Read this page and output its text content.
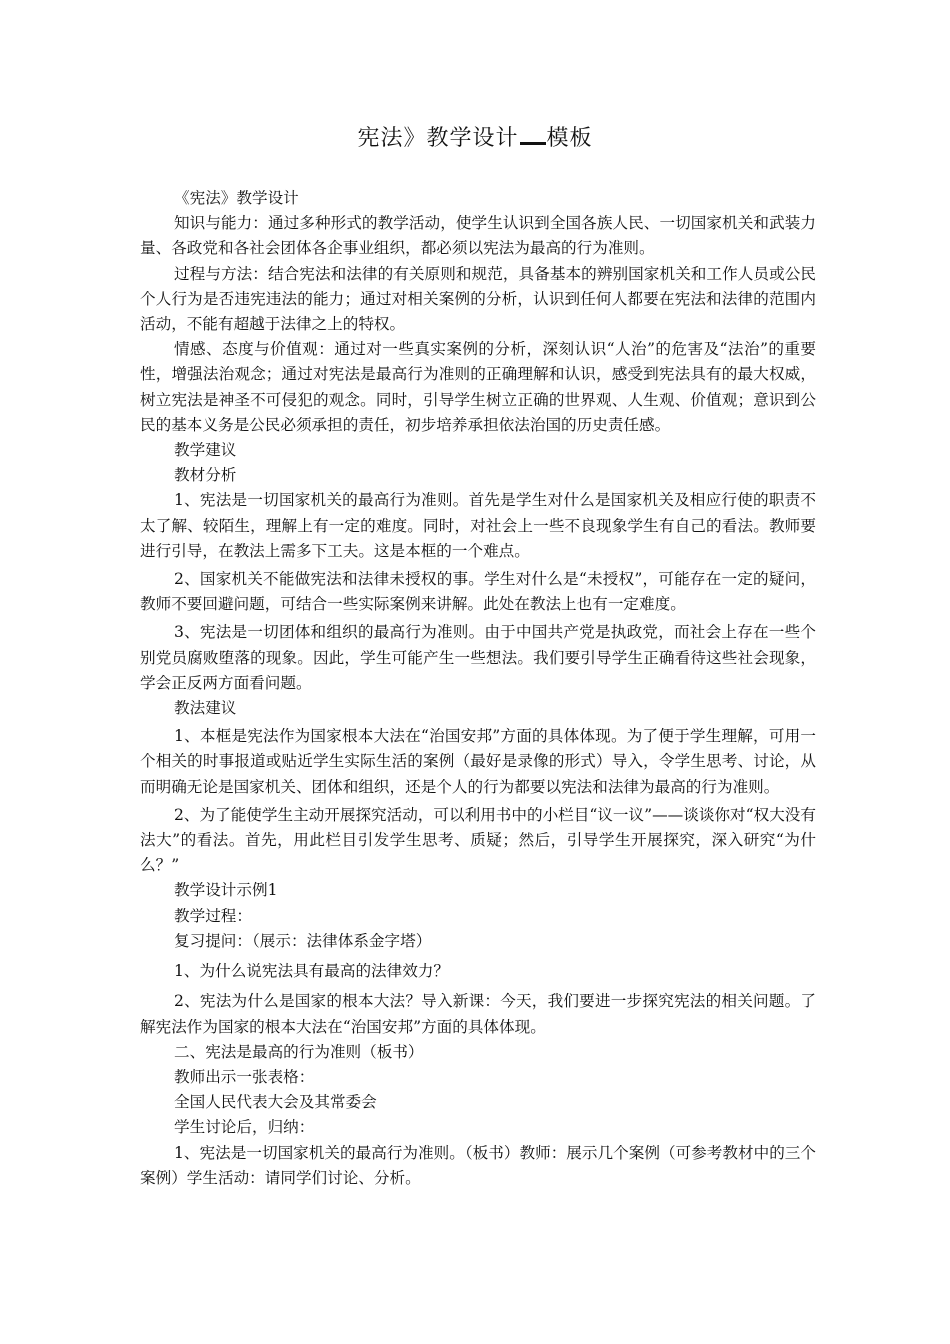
宪法》教学设计 模板

《宪法》教学设计

知识与能力：通过多种形式的教学活动，使学生认识到全国各族人民、一切国家机关和武装力量、各政党和各社会团体各企事业组织，都必须以宪法为最高的行为准则。

过程与方法：结合宪法和法律的有关原则和规范，具备基本的辨别国家机关和工作人员或公民个人行为是否违宪违法的能力；通过对相关案例的分析，认识到任何人都要在宪法和法律的范围内活动，不能有超越于法律之上的特权。

情感、态度与价值观：通过对一些真实案例的分析，深刻认识“人治”的危害及“法治”的重要性，增强法治观念；通过对宪法是最高行为准则的正确理解和认识，感受到宪法具有的最大权威，树立宪法是神圣不可侵犯的观念。同时，引导学生树立正确的世界观、人生观、价值观；意识到公民的基本义务是公民必须承担的责任，初步培养承担依法治国的历史责任感。

教学建议

教材分析

1、宪法是一切国家机关的最高行为准则。首先是学生对什么是国家机关及相应行使的职责不太了解、较陌生，理解上有一定的难度。同时，对社会上一些不良现象学生有自己的看法。教师要进行引导，在教法上需多下工夫。这是本框的一个难点。

2、国家机关不能做宪法和法律未授权的事。学生对什么是“未授权”，可能存在一定的疑问，教师不要回避问题，可结合一些实际案例来讲解。此处在教法上也有一定难度。

3、宪法是一切团体和组织的最高行为准则。由于中国共产党是执政党，而社会上存在一些个别党员腐败堕落的现象。因此，学生可能产生一些想法。我们要引导学生正确看待这些社会现象，学会正反两方面看问题。

教法建议

1、本框是宪法作为国家根本大法在“治国安邦”方面的具体体现。为了便于学生理解，可用一个相关的时事报道或贴近学生实际生活的案例（最好是录像的形式）导入，令学生思考、讨论，从而明确无论是国家机关、团体和组织，还是个人的行为都要以宪法和法律为最高的行为准则。

2、为了能使学生主动开展探究活动，可以利用书中的小栏目“议一议”——谈谈你对“权大没有法大”的看法。首先，用此栏目引发学生思考、质疑；然后，引导学生开展探究，深入研究“为什么？”

教学设计示例1

教学过程：

复习提问：（展示：法律体系金字塔）

1、为什么说宪法具有最高的法律效力？

2、宪法为什么是国家的根本大法？导入新课：今天，我们要进一步探究宪法的相关问题。了解宪法作为国家的根本大法在“治国安邦”方面的具体体现。

二、宪法是最高的行为准则（板书）

教师出示一张表格：

全国人民代表大会及其常委会

学生讨论后，归纳：

1、宪法是一切国家机关的最高行为准则。（板书）教师：展示几个案例（可参考教材中的三个案例）学生活动：请同学们讨论、分析。
